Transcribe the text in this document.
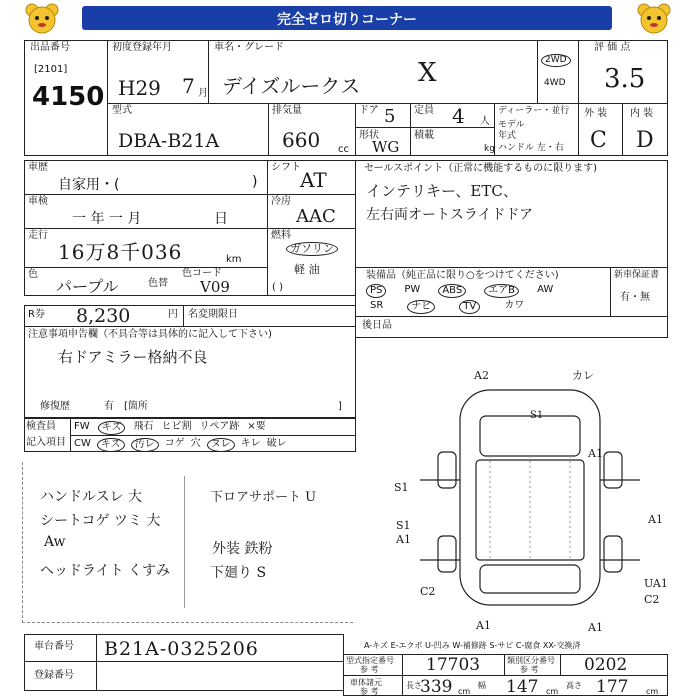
完全ゼロ切りコーナー
出品番号
[2101]
4150
初度登録年月
H29 7 月
車名・グレード
デイズルークス X	2WD
4WD
評 価 点
3.5
型式
DBA-B21A
排気量
660 cc
ドア 5 定員 4 人
形状
WG
積載
kg
ディーラー・並行
モデル
年式
ハンドル 左・右
外 装 内 装
C D
車歴
自家用・(	)
シフト
AT
車検
一 年 一 月	日
冷房
AAC
走行
16万8千036	km
燃料
ガソリン
軽 油
( )
色
パープル	色替
色コード
V09
R券 8,230	円 名変期限日
注意事項申告欄（不具合等は具体的に記入して下さい)
右ドアミラー格納不良
修復歴	有 [箇所	]
検査員
記入項目
FW	キズ	飛石 ヒビ割 リペア跡 ×要
CW	キズ	汚レ	コゲ 穴	ヌレ	キレ 破レ
ハンドルスレ 大
シートコゲ ツミ 大
Aw
ヘッドライト くすみ
下ロアサポート U
外装 鉄粉
下廻り S
セールスポイント（正常に機能するものに限ります)
インテリキー、ETC、
左右両オートスライドドア
装備品（純正品に限り○をつけてください)
PS	PW	ABS	エアB	AW
SR	ナビ	TV	カワ
新車保証書
有・無
後日品
A2	カレ
S1
S1
S1
A1
A1
A1
UA1
C2
C2
A1
A1
A-キズ E-エクボ U-凹み W-補修跡 S-サビ C-腐食 XX-交換済
車台番号 B21A-0325206
登録番号
型式指定番号
参 考	17703	類別区分番号
参 考	0202
車体諸元
参 考
長さ
339 cm
幅 147 cm
高さ 177 cm
